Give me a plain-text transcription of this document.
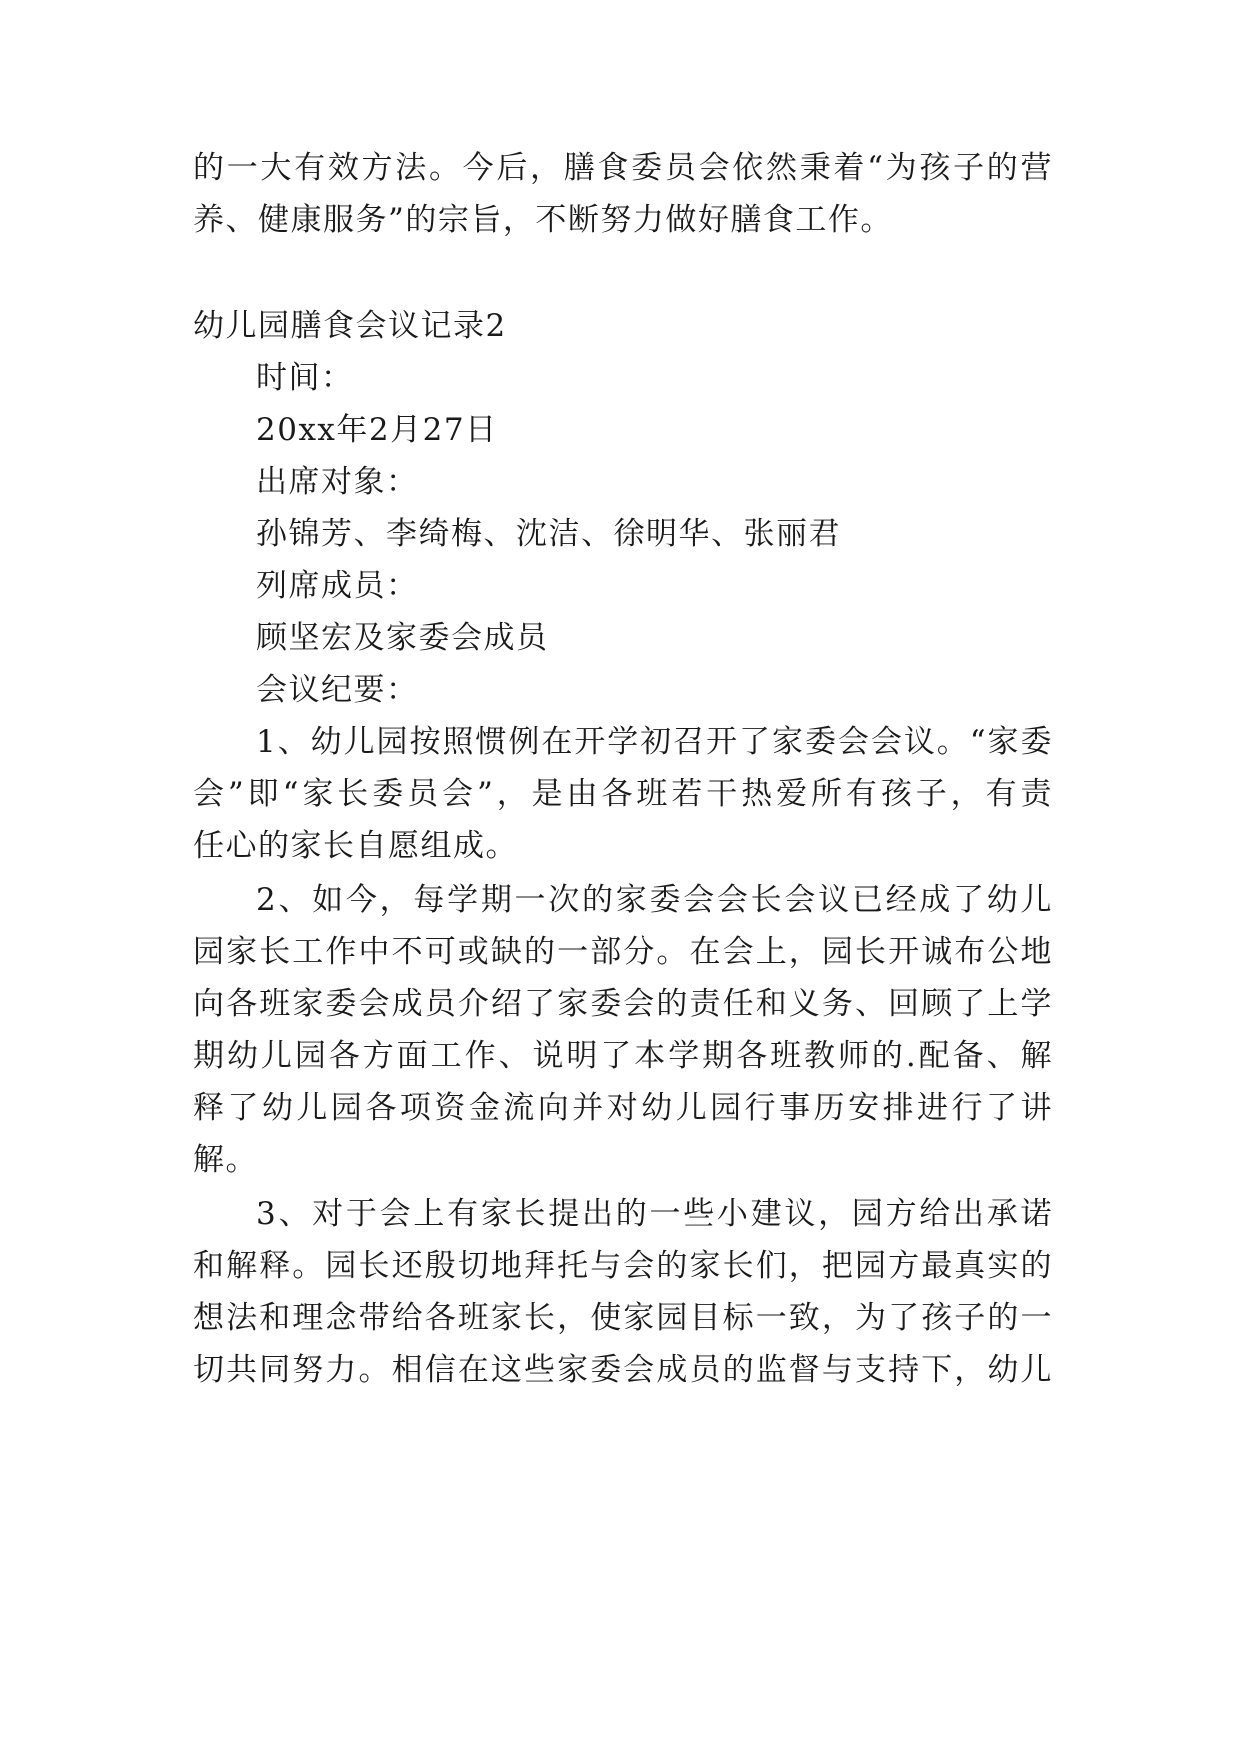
的一大有效方法。今后，膳食委员会依然秉着“为孩子的营
养、健康服务”的宗旨，不断努力做好膳食工作。
幼儿园膳食会议记录2
时间：
20xx年2月27日
出席对象：
孙锦芳、李绮梅、沈洁、徐明华、张丽君
列席成员：
顾坚宏及家委会成员
会议纪要：
1、幼儿园按照惯例在开学初召开了家委会会议。“家委
会”即“家长委员会”，是由各班若干热爱所有孩子，有责
任心的家长自愿组成。
2、如今，每学期一次的家委会会长会议已经成了幼儿
园家长工作中不可或缺的一部分。在会上，园长开诚布公地
向各班家委会成员介绍了家委会的责任和义务、回顾了上学
期幼儿园各方面工作、说明了本学期各班教师的.配备、解
释了幼儿园各项资金流向并对幼儿园行事历安排进行了讲
解。
3、对于会上有家长提出的一些小建议，园方给出承诺
和解释。园长还殷切地拜托与会的家长们，把园方最真实的
想法和理念带给各班家长，使家园目标一致，为了孩子的一
切共同努力。相信在这些家委会成员的监督与支持下，幼儿
